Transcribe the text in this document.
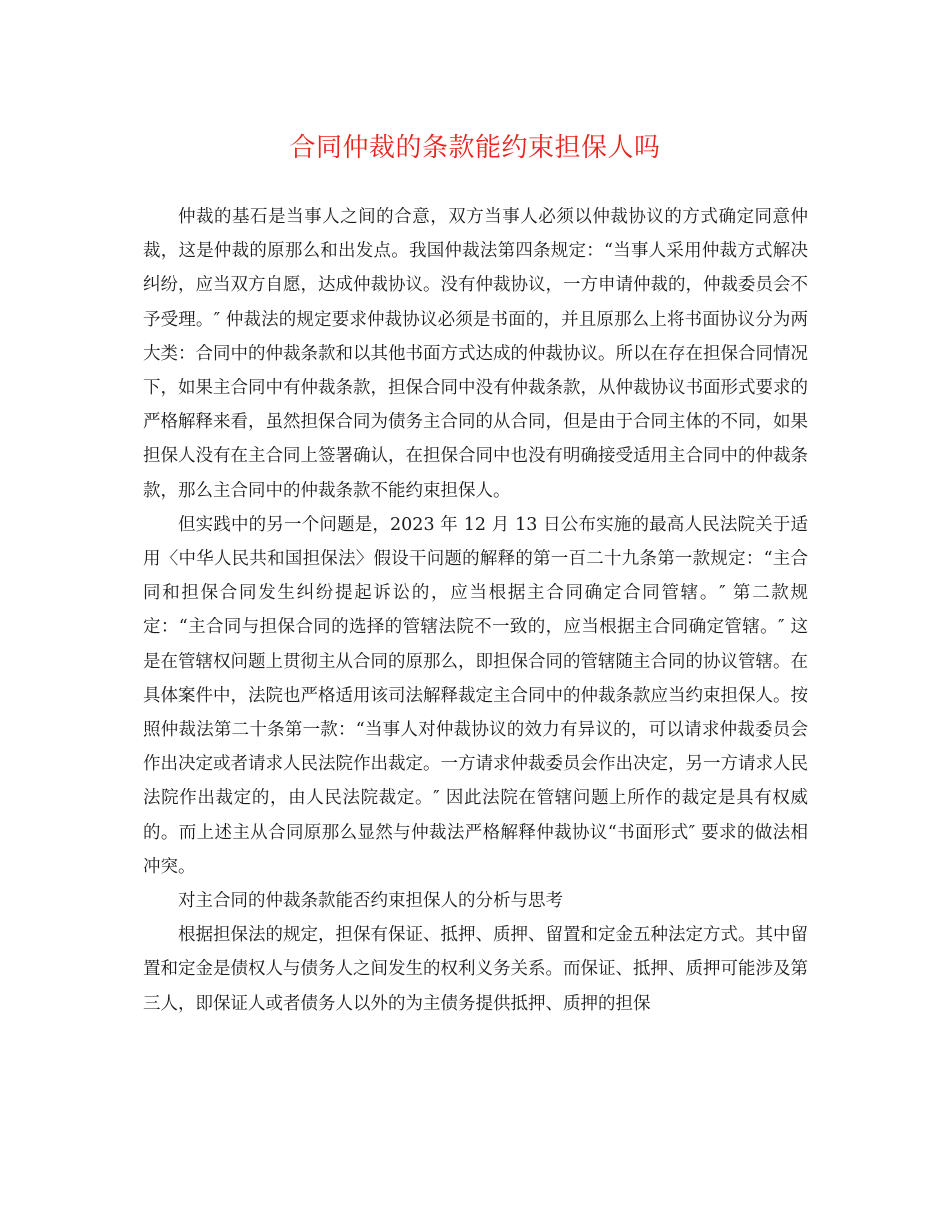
合同仲裁的条款能约束担保人吗

仲裁的基石是当事人之间的合意，双方当事人必须以仲裁协议的方式确定同意仲裁，这是仲裁的原那么和出发点。我国仲裁法第四条规定：“当事人采用仲裁方式解决纠纷，应当双方自愿，达成仲裁协议。没有仲裁协议，一方申请仲裁的，仲裁委员会不予受理。″ 仲裁法的规定要求仲裁协议必须是书面的，并且原那么上将书面协议分为两大类：合同中的仲裁条款和以其他书面方式达成的仲裁协议。所以在存在担保合同情况下，如果主合同中有仲裁条款，担保合同中没有仲裁条款，从仲裁协议书面形式要求的严格解释来看，虽然担保合同为债务主合同的从合同，但是由于合同主体的不同，如果担保人没有在主合同上签署确认，在担保合同中也没有明确接受适用主合同中的仲裁条款，那么主合同中的仲裁条款不能约束担保人。

但实践中的另一个问题是，2023 年 12 月 13 日公布实施的最高人民法院关于适用〈中华人民共和国担保法〉假设干问题的解释的第一百二十九条第一款规定：“主合同和担保合同发生纠纷提起诉讼的，应当根据主合同确定合同管辖。″ 第二款规定：“主合同与担保合同的选择的管辖法院不一致的，应当根据主合同确定管辖。″ 这是在管辖权问题上贯彻主从合同的原那么，即担保合同的管辖随主合同的协议管辖。在具体案件中，法院也严格适用该司法解释裁定主合同中的仲裁条款应当约束担保人。按照仲裁法第二十条第一款：“当事人对仲裁协议的效力有异议的，可以请求仲裁委员会作出决定或者请求人民法院作出裁定。一方请求仲裁委员会作出决定，另一方请求人民法院作出裁定的，由人民法院裁定。″ 因此法院在管辖问题上所作的裁定是具有权威的。而上述主从合同原那么显然与仲裁法严格解释仲裁协议“书面形式″ 要求的做法相冲突。

对主合同的仲裁条款能否约束担保人的分析与思考

根据担保法的规定，担保有保证、抵押、质押、留置和定金五种法定方式。其中留置和定金是债权人与债务人之间发生的权利义务关系。而保证、抵押、质押可能涉及第三人，即保证人或者债务人以外的为主债务提供抵押、质押的担保
